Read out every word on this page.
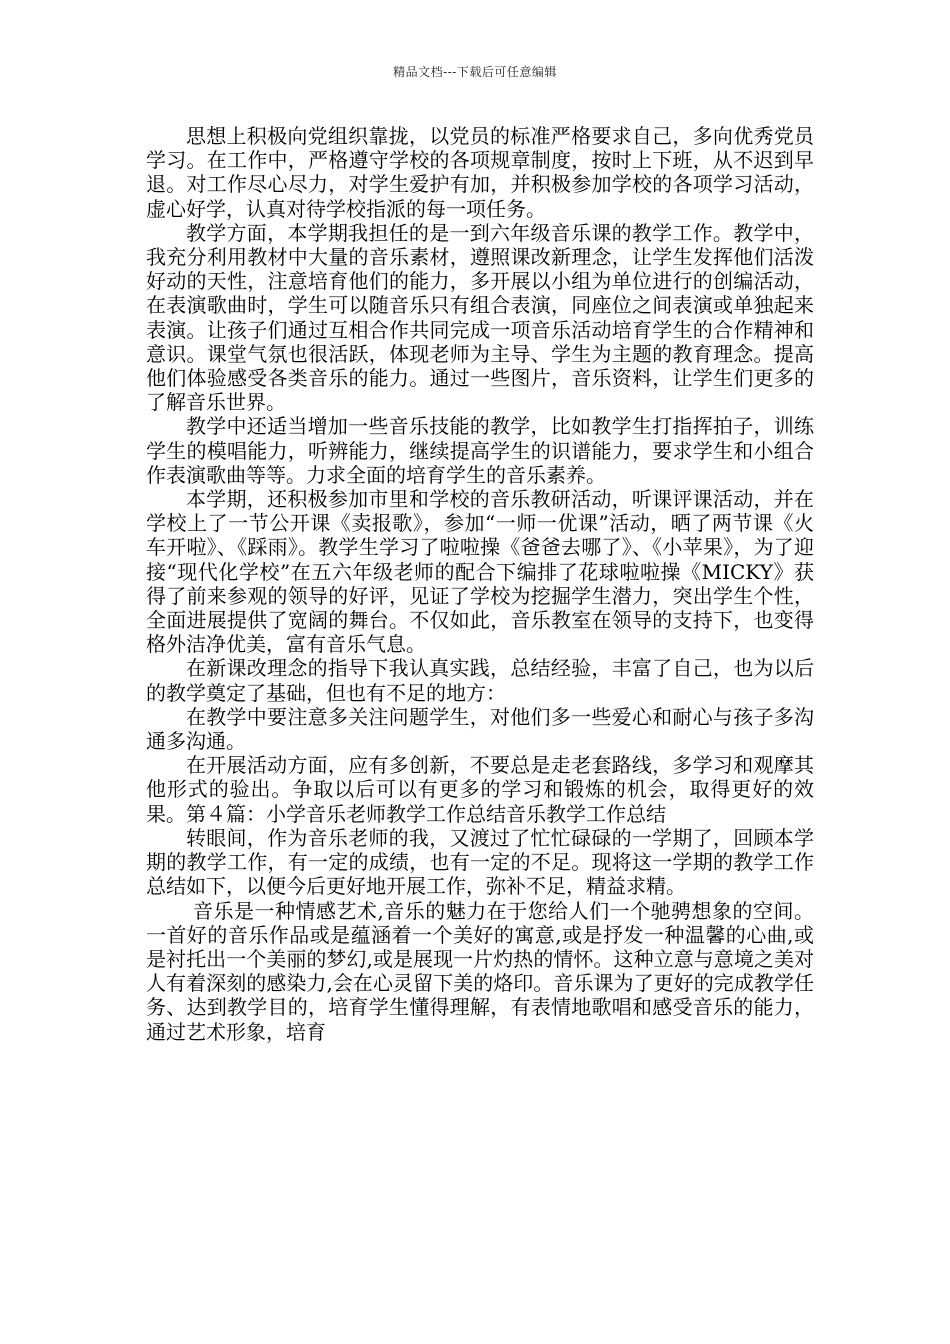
精品文档---下载后可任意编辑

思想上积极向党组织靠拢，以党员的标准严格要求自己，多向优秀党员学习。在工作中，严格遵守学校的各项规章制度，按时上下班，从不迟到早退。对工作尽心尽力，对学生爱护有加，并积极参加学校的各项学习活动，虚心好学，认真对待学校指派的每一项任务。

教学方面，本学期我担任的是一到六年级音乐课的教学工作。教学中，我充分利用教材中大量的音乐素材，遵照课改新理念，让学生发挥他们活泼好动的天性，注意培育他们的能力，多开展以小组为单位进行的创编活动，在表演歌曲时，学生可以随音乐只有组合表演，同座位之间表演或单独起来表演。让孩子们通过互相合作共同完成一项音乐活动培育学生的合作精神和意识。课堂气氛也很活跃，体现老师为主导、学生为主题的教育理念。提高他们体验感受各类音乐的能力。通过一些图片，音乐资料，让学生们更多的了解音乐世界。

教学中还适当增加一些音乐技能的教学，比如教学生打指挥拍子，训练学生的模唱能力，听辨能力，继续提高学生的识谱能力，要求学生和小组合作表演歌曲等等。力求全面的培育学生的音乐素养。

本学期，还积极参加市里和学校的音乐教研活动，听课评课活动，并在学校上了一节公开课《卖报歌》，参加“一师一优课”活动，晒了两节课《火车开啦》、《踩雨》。教学生学习了啦啦操《爸爸去哪了》、《小苹果》，为了迎接“现代化学校”在五六年级老师的配合下编排了花球啦啦操《MICKY》获得了前来参观的领导的好评，见证了学校为挖掘学生潜力，突出学生个性，全面进展提供了宽阔的舞台。不仅如此，音乐教室在领导的支持下，也变得格外洁净优美，富有音乐气息。

在新课改理念的指导下我认真实践，总结经验，丰富了自己，也为以后的教学奠定了基础，但也有不足的地方：

在教学中要注意多关注问题学生，对他们多一些爱心和耐心与孩子多沟通多沟通。

在开展活动方面，应有多创新，不要总是走老套路线，多学习和观摩其他形式的验出。争取以后可以有更多的学习和锻炼的机会，取得更好的效果。第４篇：小学音乐老师教学工作总结音乐教学工作总结

转眼间，作为音乐老师的我，又渡过了忙忙碌碌的一学期了，回顾本学期的教学工作，有一定的成绩，也有一定的不足。现将这一学期的教学工作总结如下，以便今后更好地开展工作，弥补不足，精益求精。

音乐是一种情感艺术,音乐的魅力在于您给人们一个驰骋想象的空间。一首好的音乐作品或是蕴涵着一个美好的寓意,或是抒发一种温馨的心曲,或是衬托出一个美丽的梦幻,或是展现一片灼热的情怀。这种立意与意境之美对人有着深刻的感染力,会在心灵留下美的烙印。音乐课为了更好的完成教学任务、达到教学目的，培育学生懂得理解，有表情地歌唱和感受音乐的能力，通过艺术形象，培育
